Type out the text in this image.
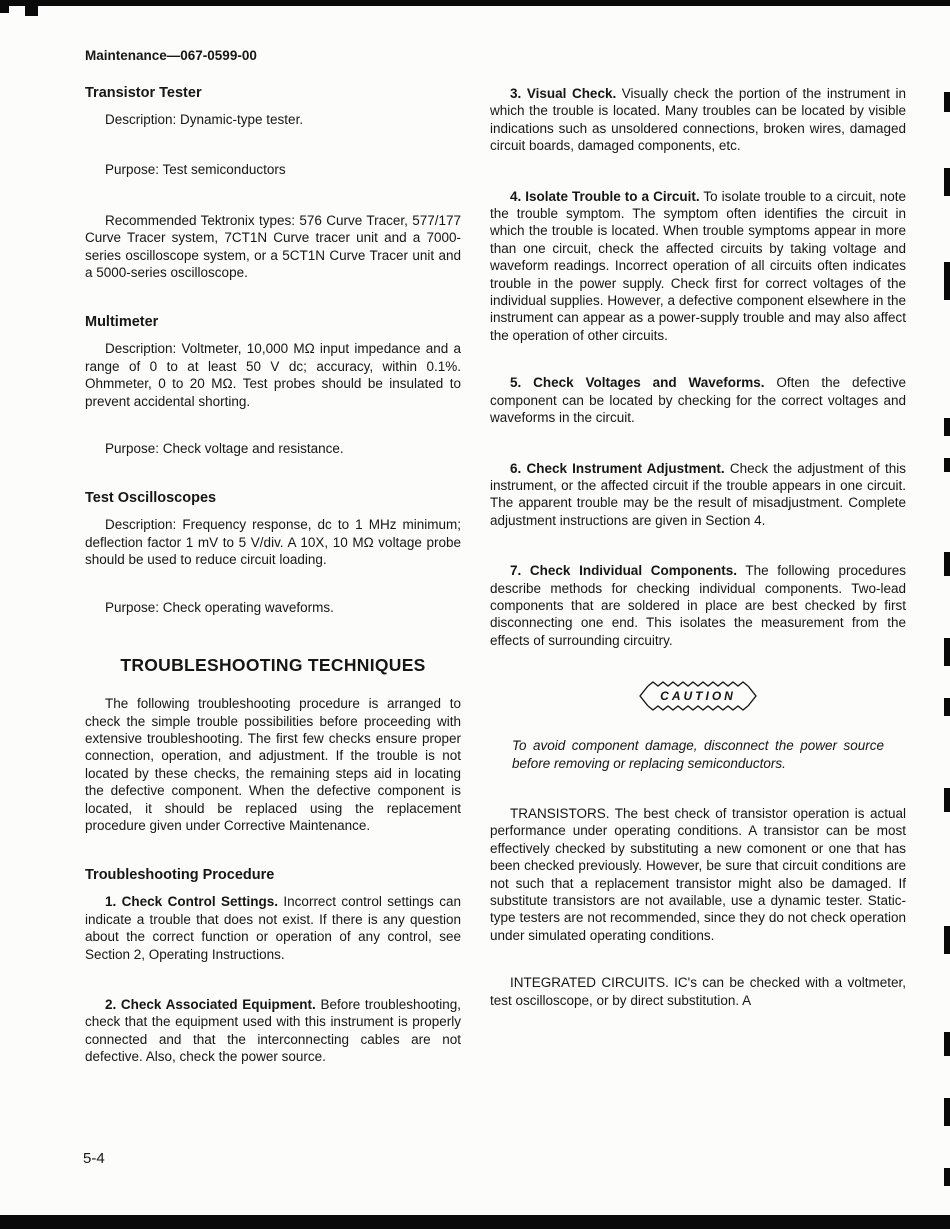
Maintenance—067-0599-00
Transistor Tester

Description: Dynamic-type tester.

Purpose: Test semiconductors

Recommended Tektronix types: 576 Curve Tracer, 577/177 Curve Tracer system, 7CT1N Curve tracer unit and a 7000-series oscilloscope system, or a 5CT1N Curve Tracer unit and a 5000-series oscilloscope.

Multimeter

Description: Voltmeter, 10,000 MΩ input impedance and a range of 0 to at least 50 V dc; accuracy, within 0.1%. Ohmmeter, 0 to 20 MΩ. Test probes should be insulated to prevent accidental shorting.

Purpose: Check voltage and resistance.

Test Oscilloscopes

Description: Frequency response, dc to 1 MHz minimum; deflection factor 1 mV to 5 V/div. A 10X, 10 MΩ voltage probe should be used to reduce circuit loading.

Purpose: Check operating waveforms.

TROUBLESHOOTING TECHNIQUES

The following troubleshooting procedure is arranged to check the simple trouble possibilities before proceeding with extensive troubleshooting. The first few checks ensure proper connection, operation, and adjustment. If the trouble is not located by these checks, the remaining steps aid in locating the defective component. When the defective component is located, it should be replaced using the replacement procedure given under Corrective Maintenance.

Troubleshooting Procedure

1. Check Control Settings. Incorrect control settings can indicate a trouble that does not exist. If there is any question about the correct function or operation of any control, see Section 2, Operating Instructions.

2. Check Associated Equipment. Before troubleshooting, check that the equipment used with this instrument is properly connected and that the interconnecting cables are not defective. Also, check the power source.

3. Visual Check. Visually check the portion of the instrument in which the trouble is located. Many troubles can be located by visible indications such as unsoldered connections, broken wires, damaged circuit boards, damaged components, etc.

4. Isolate Trouble to a Circuit. To isolate trouble to a circuit, note the trouble symptom. The symptom often identifies the circuit in which the trouble is located. When trouble symptoms appear in more than one circuit, check the affected circuits by taking voltage and waveform readings. Incorrect operation of all circuits often indicates trouble in the power supply. Check first for correct voltages of the individual supplies. However, a defective component elsewhere in the instrument can appear as a power-supply trouble and may also affect the operation of other circuits.

5. Check Voltages and Waveforms. Often the defective component can be located by checking for the correct voltages and waveforms in the circuit.

6. Check Instrument Adjustment. Check the adjustment of this instrument, or the affected circuit if the trouble appears in one circuit. The apparent trouble may be the result of misadjustment. Complete adjustment instructions are given in Section 4.

7. Check Individual Components. The following procedures describe methods for checking individual components. Two-lead components that are soldered in place are best checked by first disconnecting one end. This isolates the measurement from the effects of surrounding circuitry.

CAUTION

To avoid component damage, disconnect the power source before removing or replacing semiconductors.

TRANSISTORS. The best check of transistor operation is actual performance under operating conditions. A transistor can be most effectively checked by substituting a new comonent or one that has been checked previously. However, be sure that circuit conditions are not such that a replacement transistor might also be damaged. If substitute transistors are not available, use a dynamic tester. Static-type testers are not recommended, since they do not check operation under simulated operating conditions.

INTEGRATED CIRCUITS. IC's can be checked with a voltmeter, test oscilloscope, or by direct substitution. A

5-4
